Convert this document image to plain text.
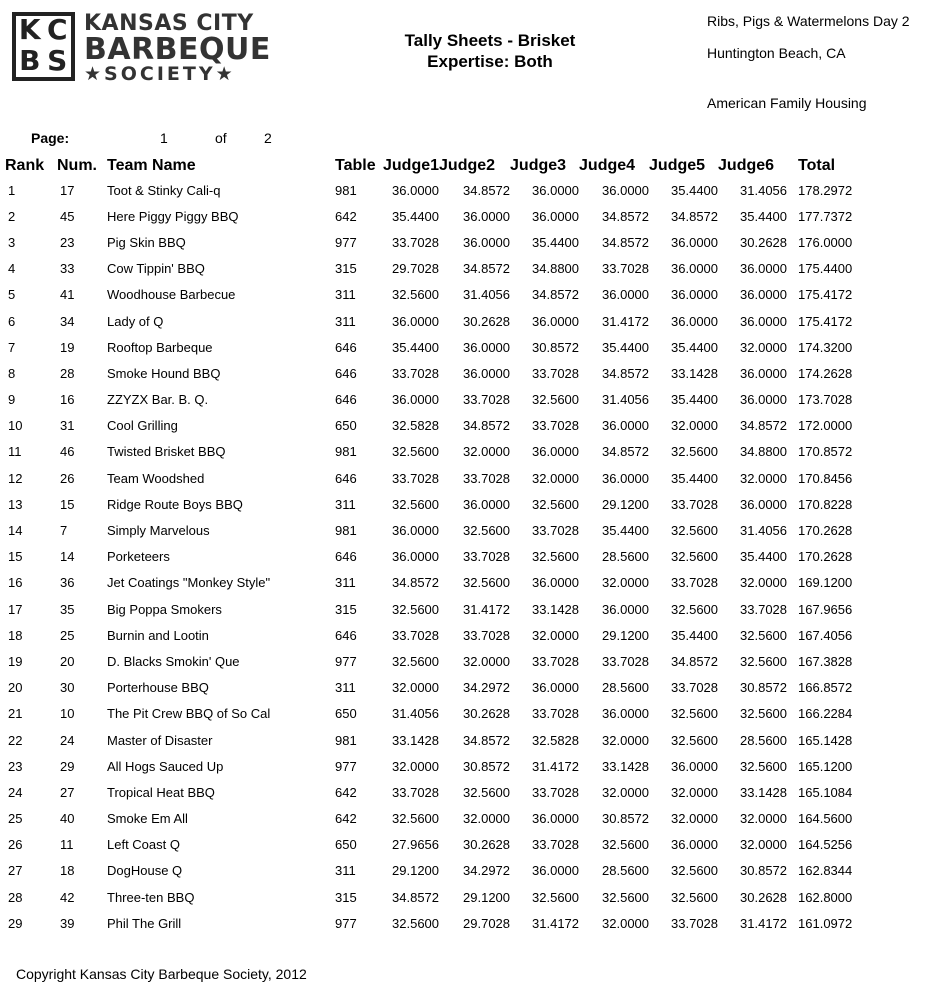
K C
B S
KANSAS CITY
BARBEQUE
★SOCIETY★
Tally Sheets - Brisket
Expertise: Both
Ribs, Pigs & Watermelons Day 2
Huntington Beach, CA
American Family Housing
Page:	1	of	2
Rank	Num.	Team Name	Table	Judge1	Judge2	Judge3	Judge4	Judge5	Judge6	Total
1	17	Toot & Stinky Cali-q	981	36.0000	34.8572	36.0000	36.0000	35.4400	31.4056	178.2972
2	45	Here Piggy Piggy BBQ	642	35.4400	36.0000	36.0000	34.8572	34.8572	35.4400	177.7372
3	23	Pig Skin BBQ	977	33.7028	36.0000	35.4400	34.8572	36.0000	30.2628	176.0000
4	33	Cow Tippin' BBQ	315	29.7028	34.8572	34.8800	33.7028	36.0000	36.0000	175.4400
5	41	Woodhouse Barbecue	311	32.5600	31.4056	34.8572	36.0000	36.0000	36.0000	175.4172
6	34	Lady of Q	311	36.0000	30.2628	36.0000	31.4172	36.0000	36.0000	175.4172
7	19	Rooftop Barbeque	646	35.4400	36.0000	30.8572	35.4400	35.4400	32.0000	174.3200
8	28	Smoke Hound BBQ	646	33.7028	36.0000	33.7028	34.8572	33.1428	36.0000	174.2628
9	16	ZZYZX Bar. B. Q.	646	36.0000	33.7028	32.5600	31.4056	35.4400	36.0000	173.7028
10	31	Cool Grilling	650	32.5828	34.8572	33.7028	36.0000	32.0000	34.8572	172.0000
11	46	Twisted Brisket BBQ	981	32.5600	32.0000	36.0000	34.8572	32.5600	34.8800	170.8572
12	26	Team Woodshed	646	33.7028	33.7028	32.0000	36.0000	35.4400	32.0000	170.8456
13	15	Ridge Route Boys BBQ	311	32.5600	36.0000	32.5600	29.1200	33.7028	36.0000	170.8228
14	7	Simply Marvelous	981	36.0000	32.5600	33.7028	35.4400	32.5600	31.4056	170.2628
15	14	Porketeers	646	36.0000	33.7028	32.5600	28.5600	32.5600	35.4400	170.2628
16	36	Jet Coatings "Monkey Style"	311	34.8572	32.5600	36.0000	32.0000	33.7028	32.0000	169.1200
17	35	Big Poppa Smokers	315	32.5600	31.4172	33.1428	36.0000	32.5600	33.7028	167.9656
18	25	Burnin and Lootin	646	33.7028	33.7028	32.0000	29.1200	35.4400	32.5600	167.4056
19	20	D. Blacks Smokin' Que	977	32.5600	32.0000	33.7028	33.7028	34.8572	32.5600	167.3828
20	30	Porterhouse BBQ	311	32.0000	34.2972	36.0000	28.5600	33.7028	30.8572	166.8572
21	10	The Pit Crew BBQ of So Cal	650	31.4056	30.2628	33.7028	36.0000	32.5600	32.5600	166.2284
22	24	Master of Disaster	981	33.1428	34.8572	32.5828	32.0000	32.5600	28.5600	165.1428
23	29	All Hogs Sauced Up	977	32.0000	30.8572	31.4172	33.1428	36.0000	32.5600	165.1200
24	27	Tropical Heat BBQ	642	33.7028	32.5600	33.7028	32.0000	32.0000	33.1428	165.1084
25	40	Smoke Em All	642	32.5600	32.0000	36.0000	30.8572	32.0000	32.0000	164.5600
26	11	Left Coast Q	650	27.9656	30.2628	33.7028	32.5600	36.0000	32.0000	164.5256
27	18	DogHouse Q	311	29.1200	34.2972	36.0000	28.5600	32.5600	30.8572	162.8344
28	42	Three-ten BBQ	315	34.8572	29.1200	32.5600	32.5600	32.5600	30.2628	162.8000
29	39	Phil The Grill	977	32.5600	29.7028	31.4172	32.0000	33.7028	31.4172	161.0972
Copyright Kansas City Barbeque Society, 2012
